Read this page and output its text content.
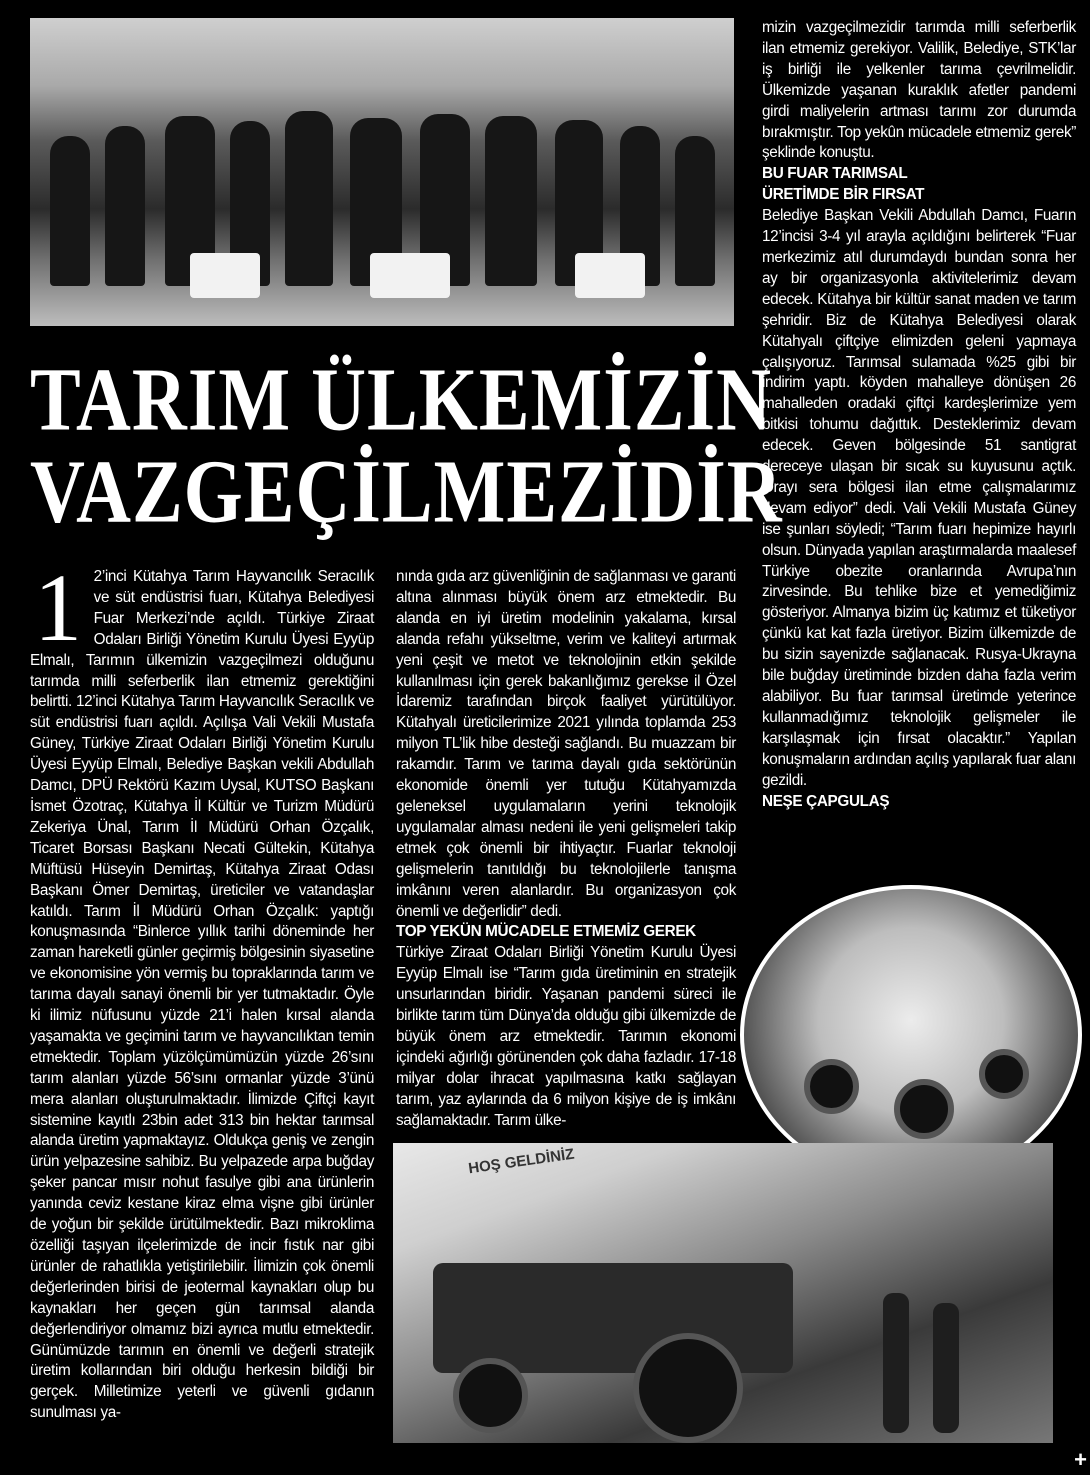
TARIM ÜLKEMİZİN
VAZGEÇİLMEZİDİR
1 2’inci Kütahya Tarım Hayvancılık Seracılık ve süt endüstrisi fuarı, Kütahya Belediyesi Fuar Merkezi’nde açıldı. Türkiye Ziraat Odaları Birliği Yönetim Kurulu Üyesi Eyyüp Elmalı, Tarımın ülkemizin vazgeçilmezi olduğunu tarımda milli seferberlik ilan etmemiz gerektiğini belirtti. 12’inci Kütahya Tarım Hayvancılık Seracılık ve süt endüstrisi fuarı açıldı. Açılışa Vali Vekili Mustafa Güney, Türkiye Ziraat Odaları Birliği Yönetim Kurulu Üyesi Eyyüp Elmalı, Belediye Başkan vekili Abdullah Damcı, DPÜ Rektörü Kazım Uysal, KUTSO Başkanı İsmet Özotraç, Kütahya İl Kültür ve Turizm Müdürü Zekeriya Ünal, Tarım İl Müdürü Orhan Özçalık, Ticaret Borsası Başkanı Necati Gültekin, Kütahya Müftüsü Hüseyin Demirtaş, Kütahya Ziraat Odası Başkanı Ömer Demirtaş, üreticiler ve vatandaşlar katıldı. Tarım İl Müdürü Orhan Özçalık: yaptığı konuşmasında “Binlerce yıllık tarihi döneminde her zaman hareketli günler geçirmiş bölgesinin siyasetine ve ekonomisine yön vermiş bu topraklarında tarım ve tarıma dayalı sanayi önemli bir yer tutmaktadır. Öyle ki ilimiz nüfusunu yüzde 21’i halen kırsal alanda yaşamakta ve geçimini tarım ve hayvancılıktan temin etmektedir. Toplam yüzölçümümüzün yüzde 26’sını tarım alanları yüzde 56’sını ormanlar yüzde 3’ünü mera alanları oluşturulmaktadır. İlimizde Çiftçi kayıt sistemine kayıtlı 23bin adet 313 bin hektar tarımsal alanda üretim yapmaktayız. Oldukça geniş ve zengin ürün yelpazesine sahibiz. Bu yelpazede arpa buğday şeker pancar mısır nohut fasulye gibi ana ürünlerin yanında ceviz kestane kiraz elma vişne gibi ürünler de yoğun bir şekilde ürütülmektedir. Bazı mikroklima özelliği taşıyan ilçelerimizde de incir fıstık nar gibi ürünler de rahatlıkla yetiştirilebilir. İlimizin çok önemli değerlerinden birisi de jeotermal kaynakları olup bu kaynakları her geçen gün tarımsal alanda değerlendiriyor olmamız bizi ayrıca mutlu etmektedir. Günümüzde tarımın en önemli ve değerli stratejik üretim kollarından biri olduğu herkesin bildiği bir gerçek. Milletimize yeterli ve güvenli gıdanın sunulması ya-

nında gıda arz güvenliğinin de sağlanması ve garanti altına alınması büyük önem arz etmektedir. Bu alanda en iyi üretim modelinin yakalama, kırsal alanda refahı yükseltme, verim ve kaliteyi artırmak yeni çeşit ve metot ve teknolojinin etkin şekilde kullanılması için gerek bakanlığımız gerekse il Özel İdaremiz tarafından birçok faaliyet yürütülüyor. Kütahyalı üreticilerimize 2021 yılında toplamda 253 milyon TL’lik hibe desteği sağlandı. Bu muazzam bir rakamdır. Tarım ve tarıma dayalı gıda sektörünün ekonomide önemli yer tutuğu Kütahyamızda geleneksel uygulamaların yerini teknolojik uygulamalar alması nedeni ile yeni gelişmeleri takip etmek çok önemli bir ihtiyaçtır. Fuarlar teknoloji gelişmelerin tanıtıldığı bu teknolojilerle tanışma imkânını veren alanlardır. Bu organizasyon çok önemli ve değerlidir” dedi.

TOP YEKÜN MÜCADELE ETMEMİZ GEREK

Türkiye Ziraat Odaları Birliği Yönetim Kurulu Üyesi Eyyüp Elmalı ise “Tarım gıda üretiminin en stratejik unsurlarından biridir. Yaşanan pandemi süreci ile birlikte tarım tüm Dünya’da olduğu gibi ülkemizde de büyük önem arz etmektedir. Tarımın ekonomi içindeki ağırlığı görünenden çok daha fazladır. 17-18 milyar dolar ihracat yapılmasına katkı sağlayan tarım, yaz aylarında da 6 milyon kişiye de iş imkânı sağlamaktadır. Tarım ülke-

mizin vazgeçilmezidir tarımda milli seferberlik ilan etmemiz gerekiyor. Valilik, Belediye, STK’lar iş birliği ile yelkenler tarıma çevrilmelidir. Ülkemizde yaşanan kuraklık afetler pandemi girdi maliyelerin artması tarımı zor durumda bırakmıştır. Top yekûn mücadele etmemiz gerek” şeklinde konuştu.

BU FUAR TARIMSAL

ÜRETİMDE BİR FIRSAT

Belediye Başkan Vekili Abdullah Damcı, Fuarın 12’incisi 3-4 yıl arayla açıldığını belirterek “Fuar merkezimiz atıl durumdaydı bundan sonra her ay bir organizasyonla aktivitelerimiz devam edecek. Kütahya bir kültür sanat maden ve tarım şehridir. Biz de Kütahya Belediyesi olarak Kütahyalı çiftçiye elimizden geleni yapmaya çalışıyoruz. Tarımsal sulamada %25 gibi bir indirim yaptı. köyden mahalleye dönüşen 26 mahalleden oradaki çiftçi kardeşlerimize yem bitkisi tohumu dağıttık. Desteklerimiz devam edecek. Geven bölgesinde 51 santigrat dereceye ulaşan bir sıcak su kuyusunu açtık. Orayı sera bölgesi ilan etme çalışmalarımız devam ediyor” dedi. Vali Vekili Mustafa Güney ise şunları söyledi; “Tarım fuarı hepimize hayırlı olsun. Dünyada yapılan araştırmalarda maalesef Türkiye obezite oranlarında Avrupa’nın zirvesinde. Bu tehlike bize et yemediğimiz gösteriyor. Almanya bizim üç katımız et tüketiyor çünkü kat kat fazla üretiyor. Bizim ülkemizde de bu sizin sayenizde sağlanacak. Rusya-Ukrayna bile buğday üretiminde bizden daha fazla verim alabiliyor. Bu fuar tarımsal üretimde yeterince kullanmadığımız teknolojik gelişmeler ile karşılaşmak için fırsat olacaktır.” Yapılan konuşmaların ardından açılış yapılarak fuar alanı gezildi.

NEŞE ÇAPGULAŞ

HOŞ GELDİNİZ
+
